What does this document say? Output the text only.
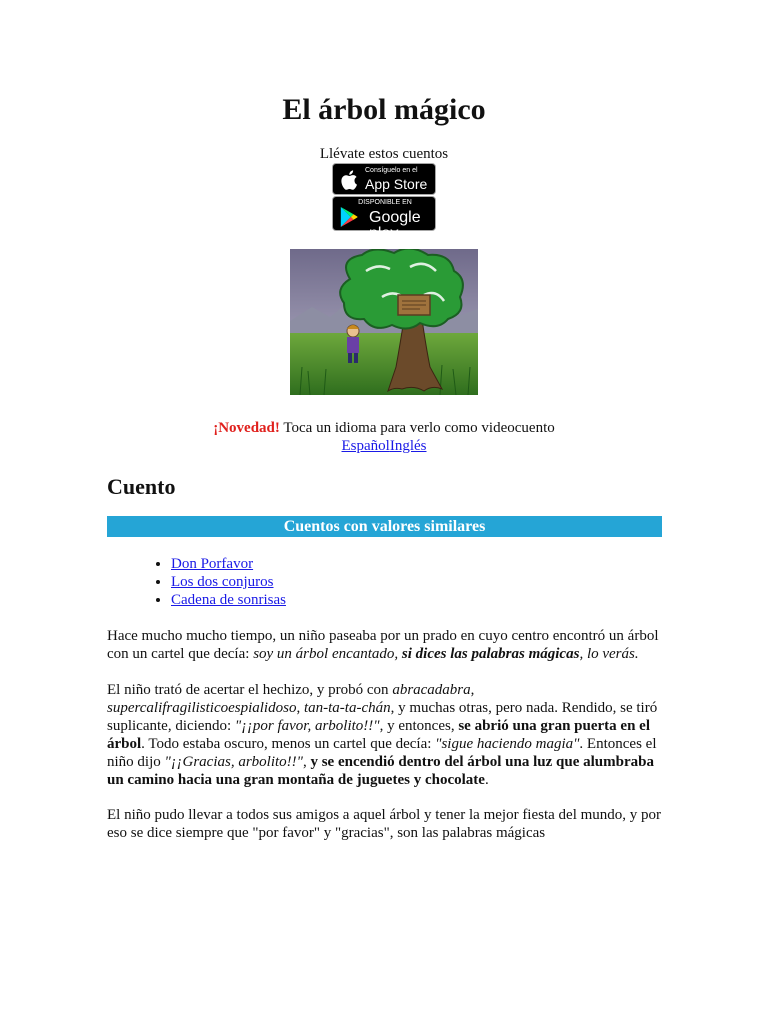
El árbol mágico
Llévate estos cuentos
Consíguelo en el
App Store
DISPONIBLE EN
Google play
¡Novedad! Toca un idioma para verlo como videocuento
EspañolInglés
Cuento
Cuentos con valores similares
• Don Porfavor
• Los dos conjuros
• Cadena de sonrisas

Hace mucho mucho tiempo, un niño paseaba por un prado en cuyo centro encontró un árbol con un cartel que decía: soy un árbol encantado, si dices las palabras mágicas, lo verás.

El niño trató de acertar el hechizo, y probó con abracadabra, supercalifragilisticoespialidoso, tan-ta-ta-chán, y muchas otras, pero nada. Rendido, se tiró suplicante, diciendo: "¡¡por favor, arbolito!!", y entonces, se abrió una gran puerta en el árbol. Todo estaba oscuro, menos un cartel que decía: "sigue haciendo magia". Entonces el niño dijo "¡¡Gracias, arbolito!!", y se encendió dentro del árbol una luz que alumbraba un camino hacia una gran montaña de juguetes y chocolate.

El niño pudo llevar a todos sus amigos a aquel árbol y tener la mejor fiesta del mundo, y por eso se dice siempre que "por favor" y "gracias", son las palabras mágicas
